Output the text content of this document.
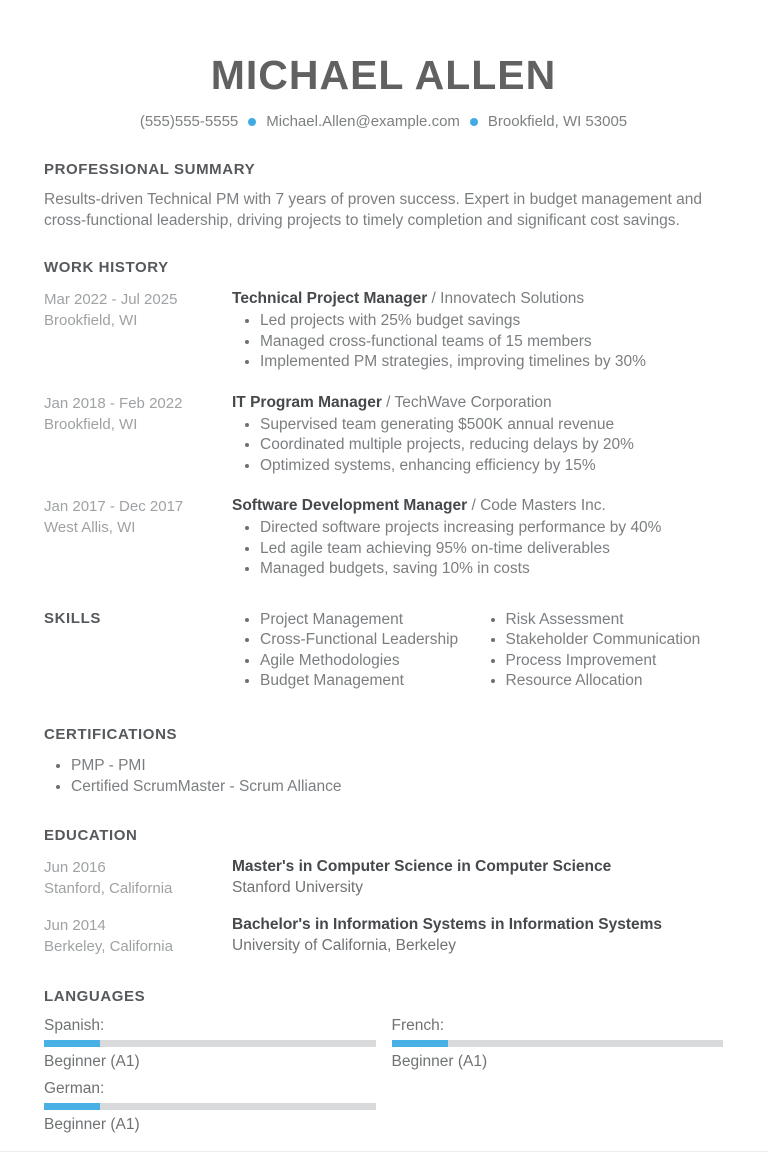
MICHAEL ALLEN
(555)555-5555 Michael.Allen@example.com Brookfield, WI 53005
PROFESSIONAL SUMMARY
Results-driven Technical PM with 7 years of proven success. Expert in budget management and cross-functional leadership, driving projects to timely completion and significant cost savings.
WORK HISTORY
Mar 2022 - Jul 2025
Brookfield, WI
Technical Project Manager / Innovatech Solutions
• Led projects with 25% budget savings
• Managed cross-functional teams of 15 members
• Implemented PM strategies, improving timelines by 30%
Jan 2018 - Feb 2022
Brookfield, WI
IT Program Manager / TechWave Corporation
• Supervised team generating $500K annual revenue
• Coordinated multiple projects, reducing delays by 20%
• Optimized systems, enhancing efficiency by 15%
Jan 2017 - Dec 2017
West Allis, WI
Software Development Manager / Code Masters Inc.
• Directed software projects increasing performance by 40%
• Led agile team achieving 95% on-time deliverables
• Managed budgets, saving 10% in costs
SKILLS	• Project Management
• Cross-Functional Leadership
• Agile Methodologies
• Budget Management
• Risk Assessment
• Stakeholder Communication
• Process Improvement
• Resource Allocation
CERTIFICATIONS
• PMP - PMI
• Certified ScrumMaster - Scrum Alliance
EDUCATION
Jun 2016
Stanford, California
Master's in Computer Science in Computer Science
Stanford University
Jun 2014
Berkeley, California
Bachelor's in Information Systems in Information Systems
University of California, Berkeley
LANGUAGES
Spanish:
Beginner (A1)
French:
Beginner (A1)
German:
Beginner (A1)
